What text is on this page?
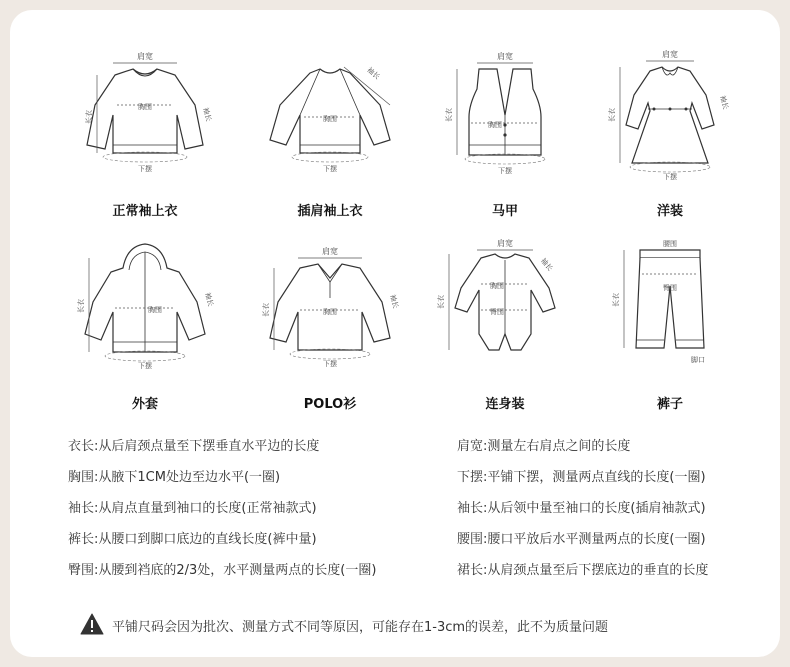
肩宽
胸围
长衣	袖长
下摆
正常袖上衣
袖长
胸围
下摆
插肩袖上衣
肩宽
胸围
长衣
下摆
马甲
肩宽
长衣
袖长
下摆
洋装
胸围
长衣	袖长
下摆
外套
肩宽
胸围
长衣
袖长
下摆
POLO衫
肩宽
胸围
臀围
长衣
袖长
连身装
腰围
臀围
长衣
脚口
裤子
衣长:从后肩颈点量至下摆垂直水平边的长度	肩宽:测量左右肩点之间的长度
胸围:从腋下1CM处边至边水平(一圈)	下摆:平铺下摆，测量两点直线的长度(一圈)
袖长:从肩点直量到袖口的长度(正常袖款式)	袖长:从后领中量至袖口的长度(插肩袖款式)
裤长:从腰口到脚口底边的直线长度(裤中量)	腰围:腰口平放后水平测量两点的长度(一圈)
臀围:从腰到裆底的2/3处，水平测量两点的长度(一圈)	裙长:从肩颈点量至后下摆底边的垂直的长度
平铺尺码会因为批次、测量方式不同等原因，可能存在1-3cm的误差，此不为质量问题
